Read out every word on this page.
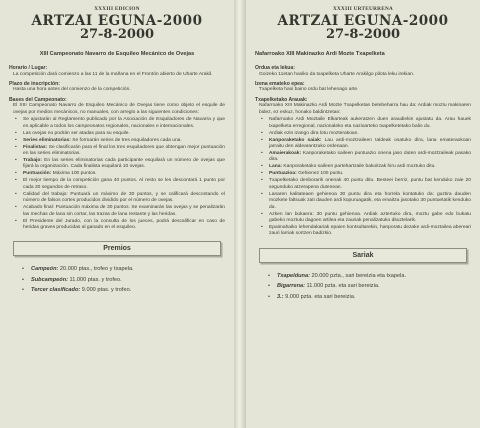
XXXIII EDICION
ARTZAI EGUNA-2000
27-8-2000
XIII Campeonato Navarro de Esquileo Mecánico de Ovejas
Horario / Lugar:
La competición dará comienzo a las 11 de la mañana en el Frontón abierto de Uharte Arakil.
Plazo de inscripción:
Hasta una hora antes del comienzo de la competición.
Bases del Campeonato:
El XIII Campeonato Navarro de Esquileo Mecánico de Ovejas tiene como objeto el esquile de ovejas por medios mecánicos, no manuales, con arreglo a las siguientes condiciones:
• Se ajustarán al Reglamento publicado por la Asociación de Esquiladores de Navarra y que es aplicable a todos los campeonatos regionales, nacionales e internacionales.
• Las ovejas no podrán ser atadas para su esquile.
• Series eliminatorias: Se formarán series de tres esquiladores cada una.
• Finalistas: Se clasificarán para el final los tres esquiladores que obtengan mejor puntuación en las series eliminatorias.
• Trabajo: En las series eliminatorias cada participante esquilará un número de ovejas que fijará la organización. Cada finalista esquilará 10 ovejas.
• Puntuación: Máxima 100 puntos.
• El mejor tiempo de la competición gana 40 puntos. Al resto se les descontará 1 punto por cada 20 segundos de retraso.
• Calidad del trabajo: Puntuará un máximo de 30 puntos, y se calificará descontando el número de falsos cortes producidos dividido por el número de ovejas.
• Acabado final: Puntuación máxima de 30 puntos. Se examinarán las ovejas y se penalizarán las mechas de lana sin cortar, las trazas de lana restante y las heridas.
• El Presidente del Jurado, con la consulta de los jueces, podrá descalificar en caso de heridas graves producidas al ganado en el esquileo.
Premios
• Campeón: 20.000 ptas., trofeo y txapela.
• Subcampeón: 11.000 ptas. y trofeo.
• Tercer clasificado: 9.000 ptas. y trofeo.
XXXIII URTEURRENA
ARTZAI EGUNA-2000
27-8-2000
Nafarroako XIII Makinazko Ardi Mozte Txapelketa
Ordua eta lekua:
Goizeko 11etan hasiko da txapelketa Uharte Arakilgo pilota leku irekian.
Izena emateko epea:
Txapelketa hasi baino ordu bat lehenago arte.
Txapelketako Arauak:
Nafarroako XIII Makinazko Ardi Mozte Txapelketan betebeharra hau da: Ardiak moztu makinaren bidez, ez eskuz, honako baldintzetan:
• Nafarroako Ardi Moztaile Elkarteak aukeratzen duen araudiekin ajustatu da. Arau hauek txapelketa erregional, nazionaleko eta nazioarteko txapelketetako balio du.
• Ardiak ezin izango dira lotu mozterakoan.
• Kanporaketako saiak: Lau ardi-moztzaileen taldeak osatuko dira, lana emateraokoan jarraitu den aldearantzuko ordenaan.
• Amaierakoak: Kanporaketako saileen puntuazio onena jaso duten ardi-moztzaileak pasako dira.
• Lana: Kanporaketako saileen partehartzaile bakoitzak hiru ardi moztuko ditu.
• Puntuazioa: Gehienez 100 puntu.
• Txapelketako denborarik onenak 40 puntu ditu. Besteei berriz, puntu bat kenduko zaie 20 segunduko atzerapena dutenean.
• Lanaren kalitateaen gehienoa 30 puntu dira eta horrela kontatuko da: guztira dauden mozkete faltsuak zati dauden ardi kopuruagatik, eta emaitza jasotako 30 puntuetatik kenduko da.
• Azken lan bukaera: 30 puntu gehienoa. Ardiak aztertuko dira, moztu gabe edo bukatu gabeko moztutu dagoen artilea eta zauriak penalizatuko dituztelarik.
• Epaimahaiko lehendakariak epaien kontsultarekin, hanporatu dezake ardi-moztailea abereari zauri larriak sortzen badizkio.
Sariak
• Txapelduna: 20.000 pzta., sari bereizia eta txapela.
• Bigarrena: 11.000 pzta. eta sari bereizia.
• 3.: 9.000 pzta. eta sari bereizia.
